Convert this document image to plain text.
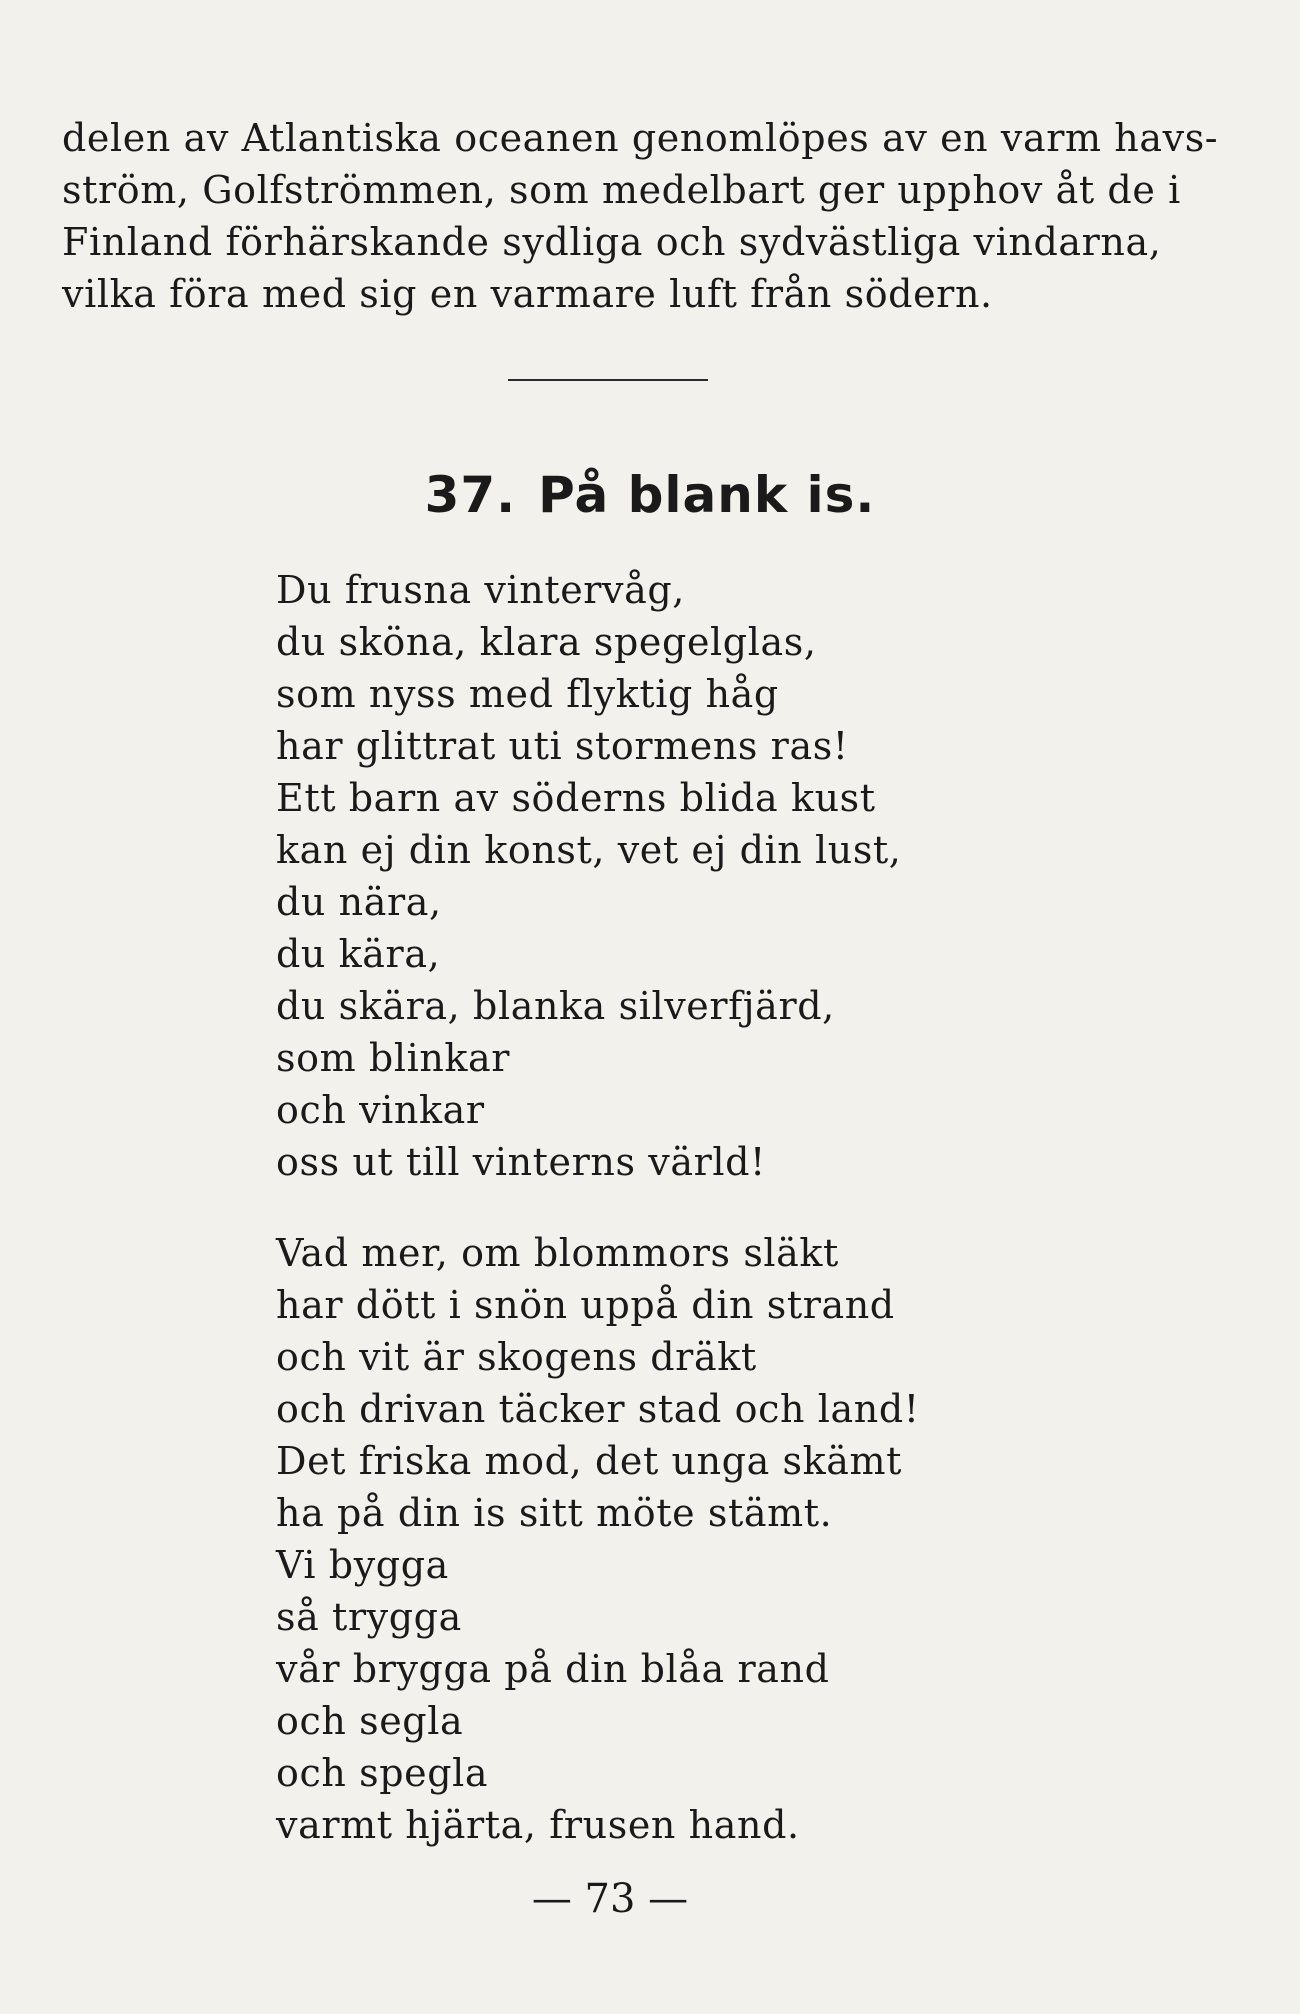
delen av Atlantiska oceanen genomlöpes av en varm havs-
ström, Golfströmmen, som medelbart ger upphov åt de i
Finland förhärskande sydliga och sydvästliga vindarna,
vilka föra med sig en varmare luft från södern.
37. På blank is.
Du frusna vintervåg,
du sköna, klara spegelglas,
som nyss med flyktig håg
har glittrat uti stormens ras!
Ett barn av söderns blida kust
kan ej din konst, vet ej din lust,
du nära,
du kära,
du skära, blanka silverfjärd,
som blinkar
och vinkar
oss ut till vinterns värld!
Vad mer, om blommors släkt
har dött i snön uppå din strand
och vit är skogens dräkt
och drivan täcker stad och land!
Det friska mod, det unga skämt
ha på din is sitt möte stämt.
Vi bygga
så trygga
vår brygga på din blåa rand
och segla
och spegla
varmt hjärta, frusen hand.
— 73 —
